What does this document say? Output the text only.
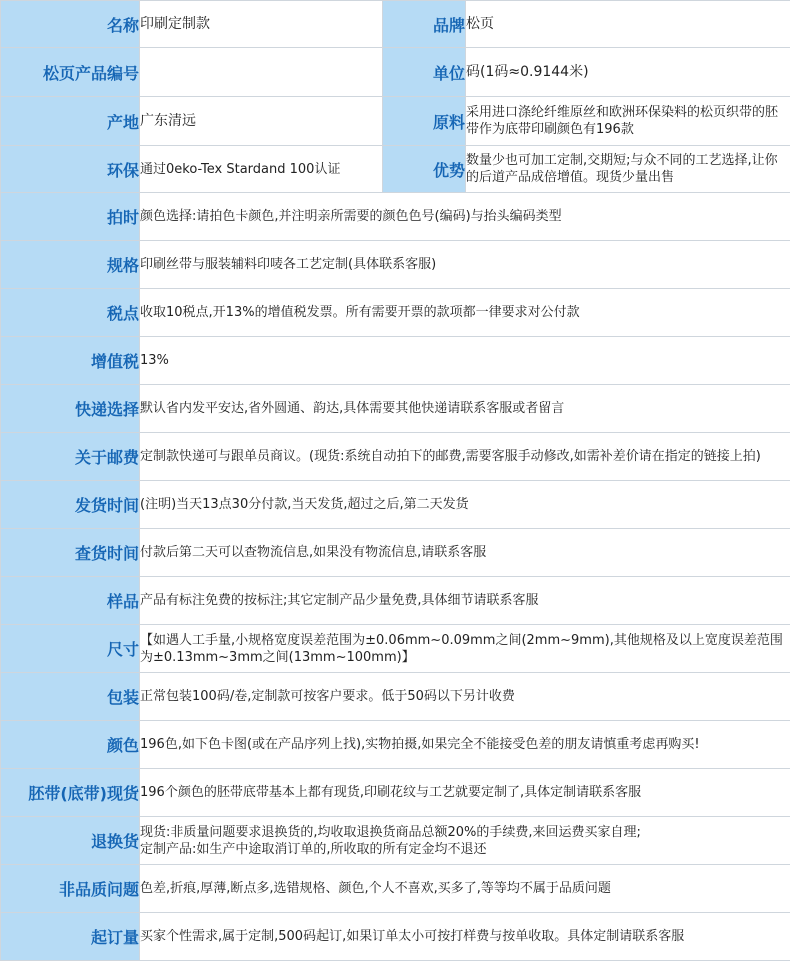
名称	印刷定制款	品牌	松页
松页产品编号		单位	码(1码≈0.9144米)
产地	广东清远	原料	采用进口涤纶纤维原丝和欧洲环保染料的松页织带的胚带作为底带印刷颜色有196款
环保	通过0eko-Tex Stardand 100认证	优势	数量少也可加工定制,交期短;与众不同的工艺选择,让你的后道产品成倍增值。现货少量出售
拍时	颜色选择:请拍色卡颜色,并注明亲所需要的颜色色号(编码)与抬头编码类型		
规格	印刷丝带与服装辅料印唛各工艺定制(具体联系客服)		
税点	收取10税点,开13%的增值税发票。所有需要开票的款项都一律要求对公付款		
增值税	13%		
快递选择	默认省内发平安达,省外圆通、韵达,具体需要其他快递请联系客服或者留言		
关于邮费	定制款快递可与跟单员商议。(现货:系统自动拍下的邮费,需要客服手动修改,如需补差价请在指定的链接上拍)		
发货时间	(注明)当天13点30分付款,当天发货,超过之后,第二天发货		
查货时间	付款后第二天可以查物流信息,如果没有物流信息,请联系客服		
样品	产品有标注免费的按标注;其它定制产品少量免费,具体细节请联系客服		
尺寸	【如遇人工手量,小规格宽度误差范围为±0.06mm~0.09mm之间(2mm~9mm),其他规格及以上宽度误差范围为±0.13mm~3mm之间(13mm~100mm)】		
包装	正常包装100码/卷,定制款可按客户要求。低于50码以下另计收费		
颜色	196色,如下色卡图(或在产品序列上找),实物拍摄,如果完全不能接受色差的朋友请慎重考虑再购买!		
胚带(底带)现货	196个颜色的胚带底带基本上都有现货,印刷花纹与工艺就要定制了,具体定制请联系客服		
退换货	现货:非质量问题要求退换货的,均收取退换货商品总额20%的手续费,来回运费买家自理;
定制产品:如生产中途取消订单的,所收取的所有定金均不退还		
非品质问题	色差,折痕,厚薄,断点多,选错规格、颜色,个人不喜欢,买多了,等等均不属于品质问题		
起订量	买家个性需求,属于定制,500码起订,如果订单太小可按打样费与按单收取。具体定制请联系客服		
